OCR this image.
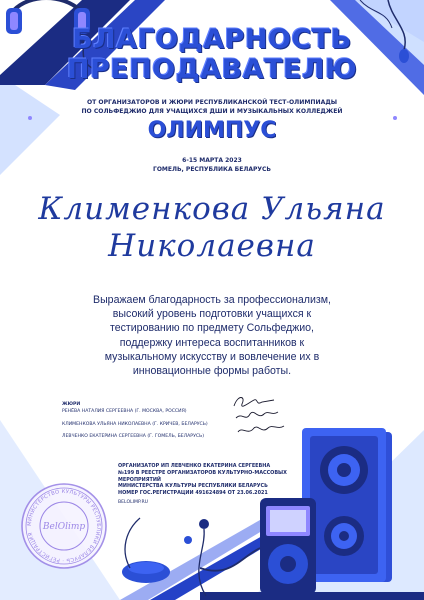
БЛАГОДАРНОСТЬ
ПРЕПОДАВАТЕЛЮ
ОТ ОРГАНИЗАТОРОВ И ЖЮРИ РЕСПУБЛИКАНСКОЙ ТЕСТ-ОЛИМПИАДЫ
ПО СОЛЬФЕДЖИО ДЛЯ УЧАЩИХСЯ ДШИ И МУЗЫКАЛЬНЫХ КОЛЛЕДЖЕЙ
ОЛИМПУС
6-15 МАРТА 2023
ГОМЕЛЬ, РЕСПУБЛИКА БЕЛАРУСЬ
Клименкова Ульяна
Николаевна
Выражаем благодарность за профессионализм,
высокий уровень подготовки учащихся к
тестированию по предмету Сольфеджио,
поддержку интереса воспитанников к
музыкальному искусству и вовлечение их в
инновационные формы работы.
ЖЮРИ
РЕНЁВА НАТАЛИЯ СЕРГЕЕВНА (Г. МОСКВА, РОССИЯ)
КЛИМЕНКОВА УЛЬЯНА НИКОЛАЕВНА (Г. КРИЧЕВ, БЕЛАРУСЬ)
ЛЕВЧЕНКО ЕКАТЕРИНА СЕРГЕЕВНА (Г. ГОМЕЛЬ, БЕЛАРУСЬ)
ОРГАНИЗАТОР ИП ЛЕВЧЕНКО ЕКАТЕРИНА СЕРГЕЕВНА
№199 В РЕЕСТРЕ ОРГАНИЗАТОРОВ КУЛЬТУРНО-МАССОВЫХ МЕРОПРИЯТИЙ
МИНИСТЕРСТВА КУЛЬТУРЫ РЕСПУБЛИКИ БЕЛАРУСЬ
НОМЕР ГОС.РЕГИСТРАЦИИ 491624894 ОТ 23.06.2021
BELOLIMP.RU
МИНИСТЕРСТВО КУЛЬТУРЫ РЕСПУБЛИКИ БЕЛАРУСЬ · РЕГИСТРАЦИЯ
BelOlimp
